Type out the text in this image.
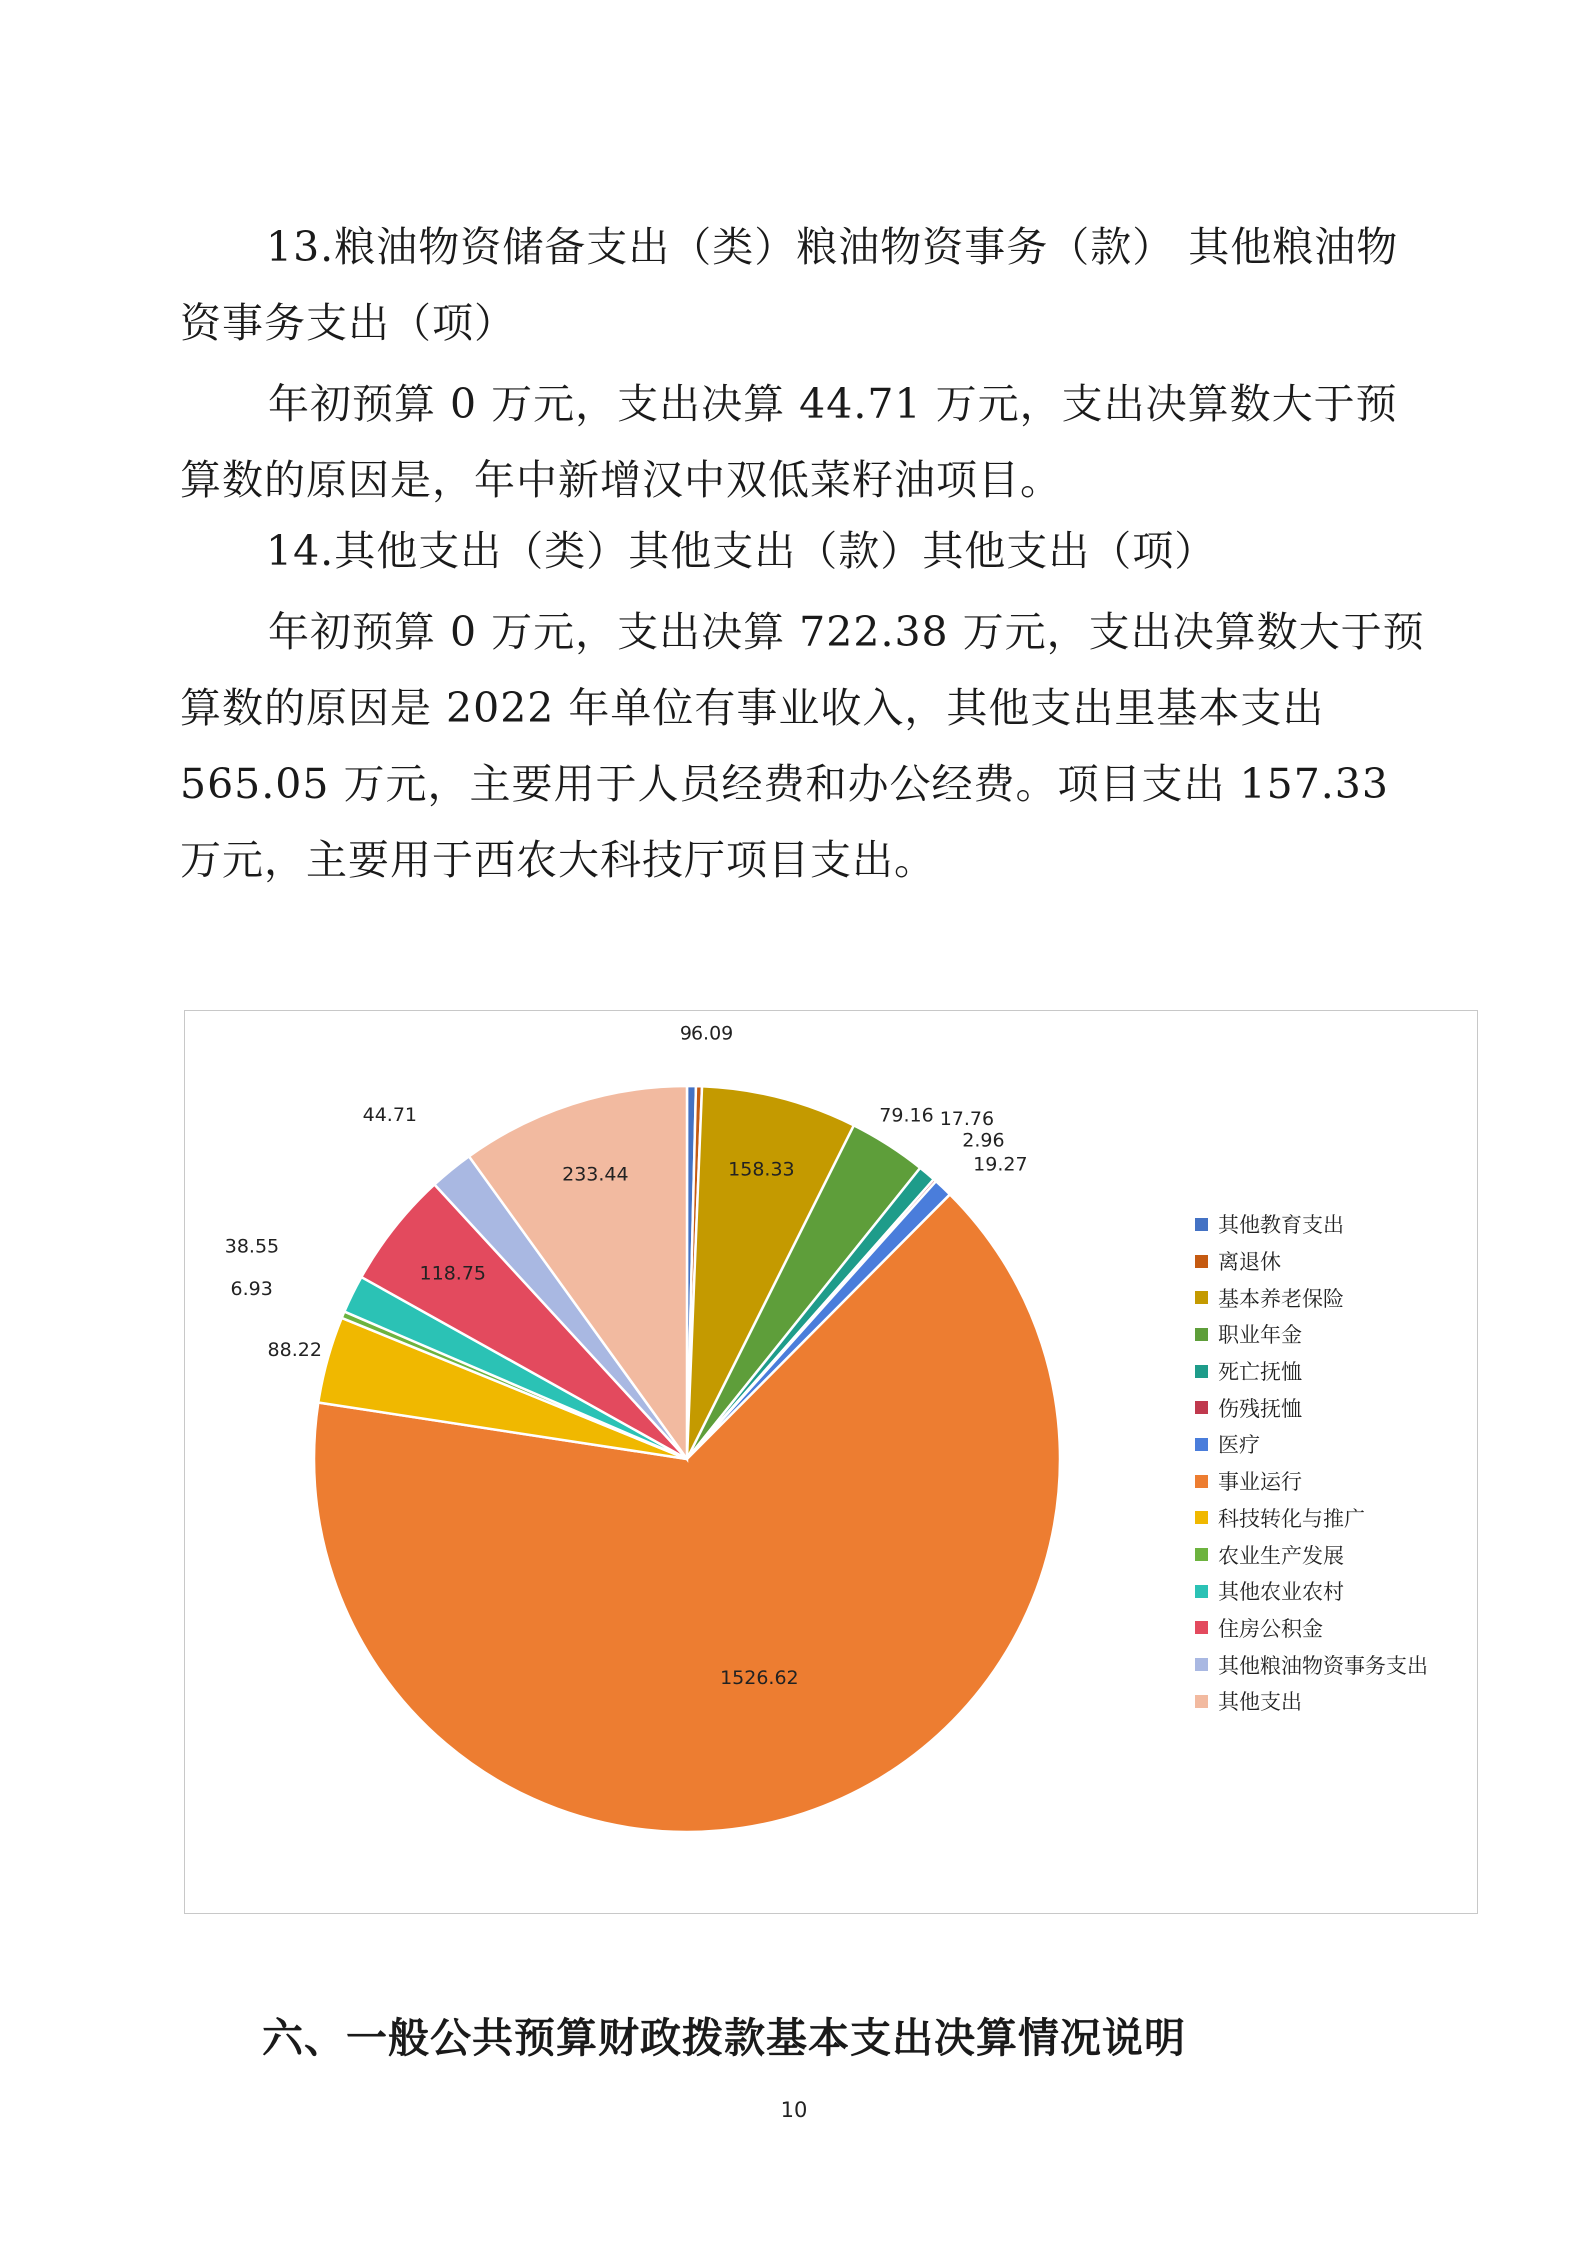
13.粮油物资储备支出（类）粮油物资事务（款） 其他粮油物

资事务支出（项）

年初预算 0 万元，支出决算 44.71 万元，支出决算数大于预算数的原因是，年中新增汉中双低菜籽油项目。

14.其他支出（类）其他支出（款）其他支出（项）

年初预算 0 万元，支出决算 722.38 万元，支出决算数大于预算数的原因是 2022 年单位有事业收入，其他支出里基本支出 565.05 万元，主要用于人员经费和办公经费。项目支出 157.33 万元，主要用于西农大科技厅项目支出。

9 6.09
158.33
79.16 17.76
2.96
19.27
1526.62
88.22
6.93
38.55
118.75
44.71
233.44
其他教育支出
离退休
基本养老保险
职业年金
死亡抚恤
伤残抚恤
医疗
事业运行
科技转化与推广
农业生产发展
其他农业农村
住房公积金
其他粮油物资事务支出
其他支出

六、一般公共预算财政拨款基本支出决算情况说明

10
